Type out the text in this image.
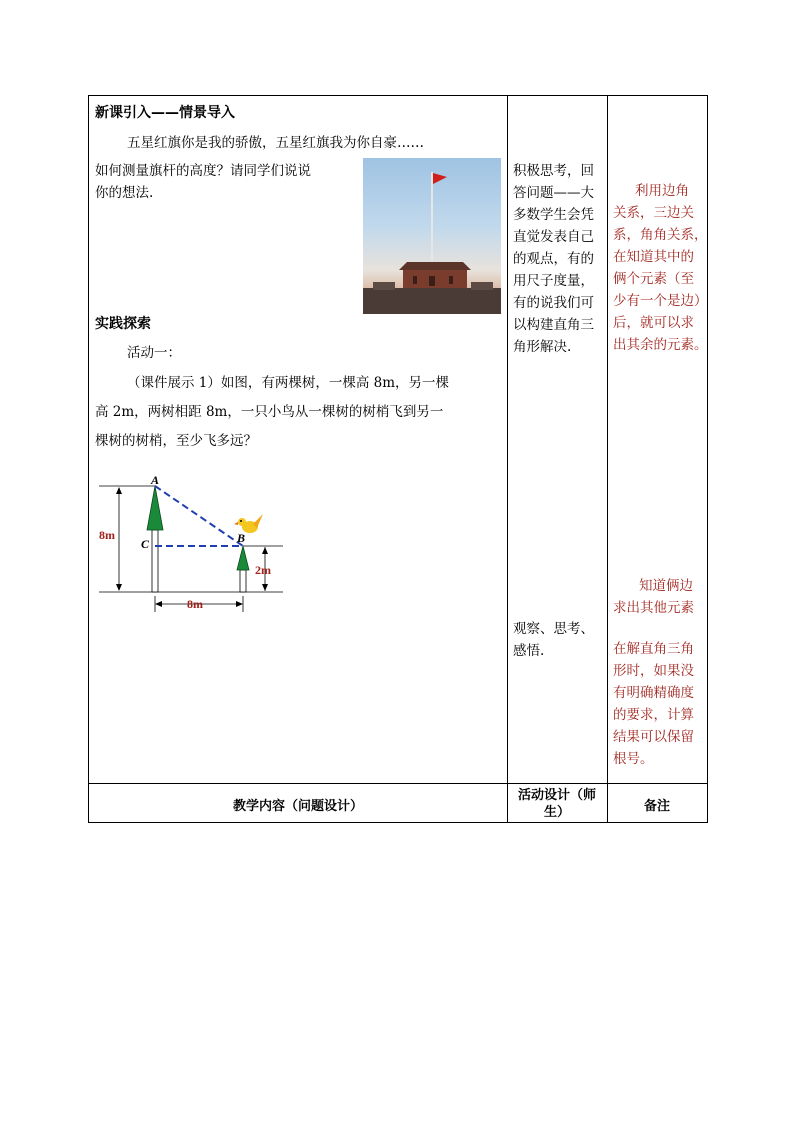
新课引入——情景导入
五星红旗你是我的骄傲，五星红旗我为你自豪……
如何测量旗杆的高度？请同学们说说
你的想法.
实践探索
活动一：
（课件展示 1）如图，有两棵树，一棵高 8m，另一棵
高 2m，两树相距 8m，一只小鸟从一棵树的树梢飞到另一
棵树的树梢，至少飞多远？
A
C	B
8m
2m
8m
积极思考，回
答问题——大
多数学生会凭
直觉发表自己
的观点，有的
用尺子度量，
有的说我们可
以构建直角三
角形解决.
观察、思考、
感悟.
利用边角
关系，三边关
系，角角关系，
在知道其中的
俩个元素（至
少有一个是边）
后，就可以求
出其余的元素。
知道俩边
求出其他元素
在解直角三角
形时，如果没
有明确精确度
的要求，计算
结果可以保留
根号。
教学内容（问题设计）
活动设计（师
生）	备注
